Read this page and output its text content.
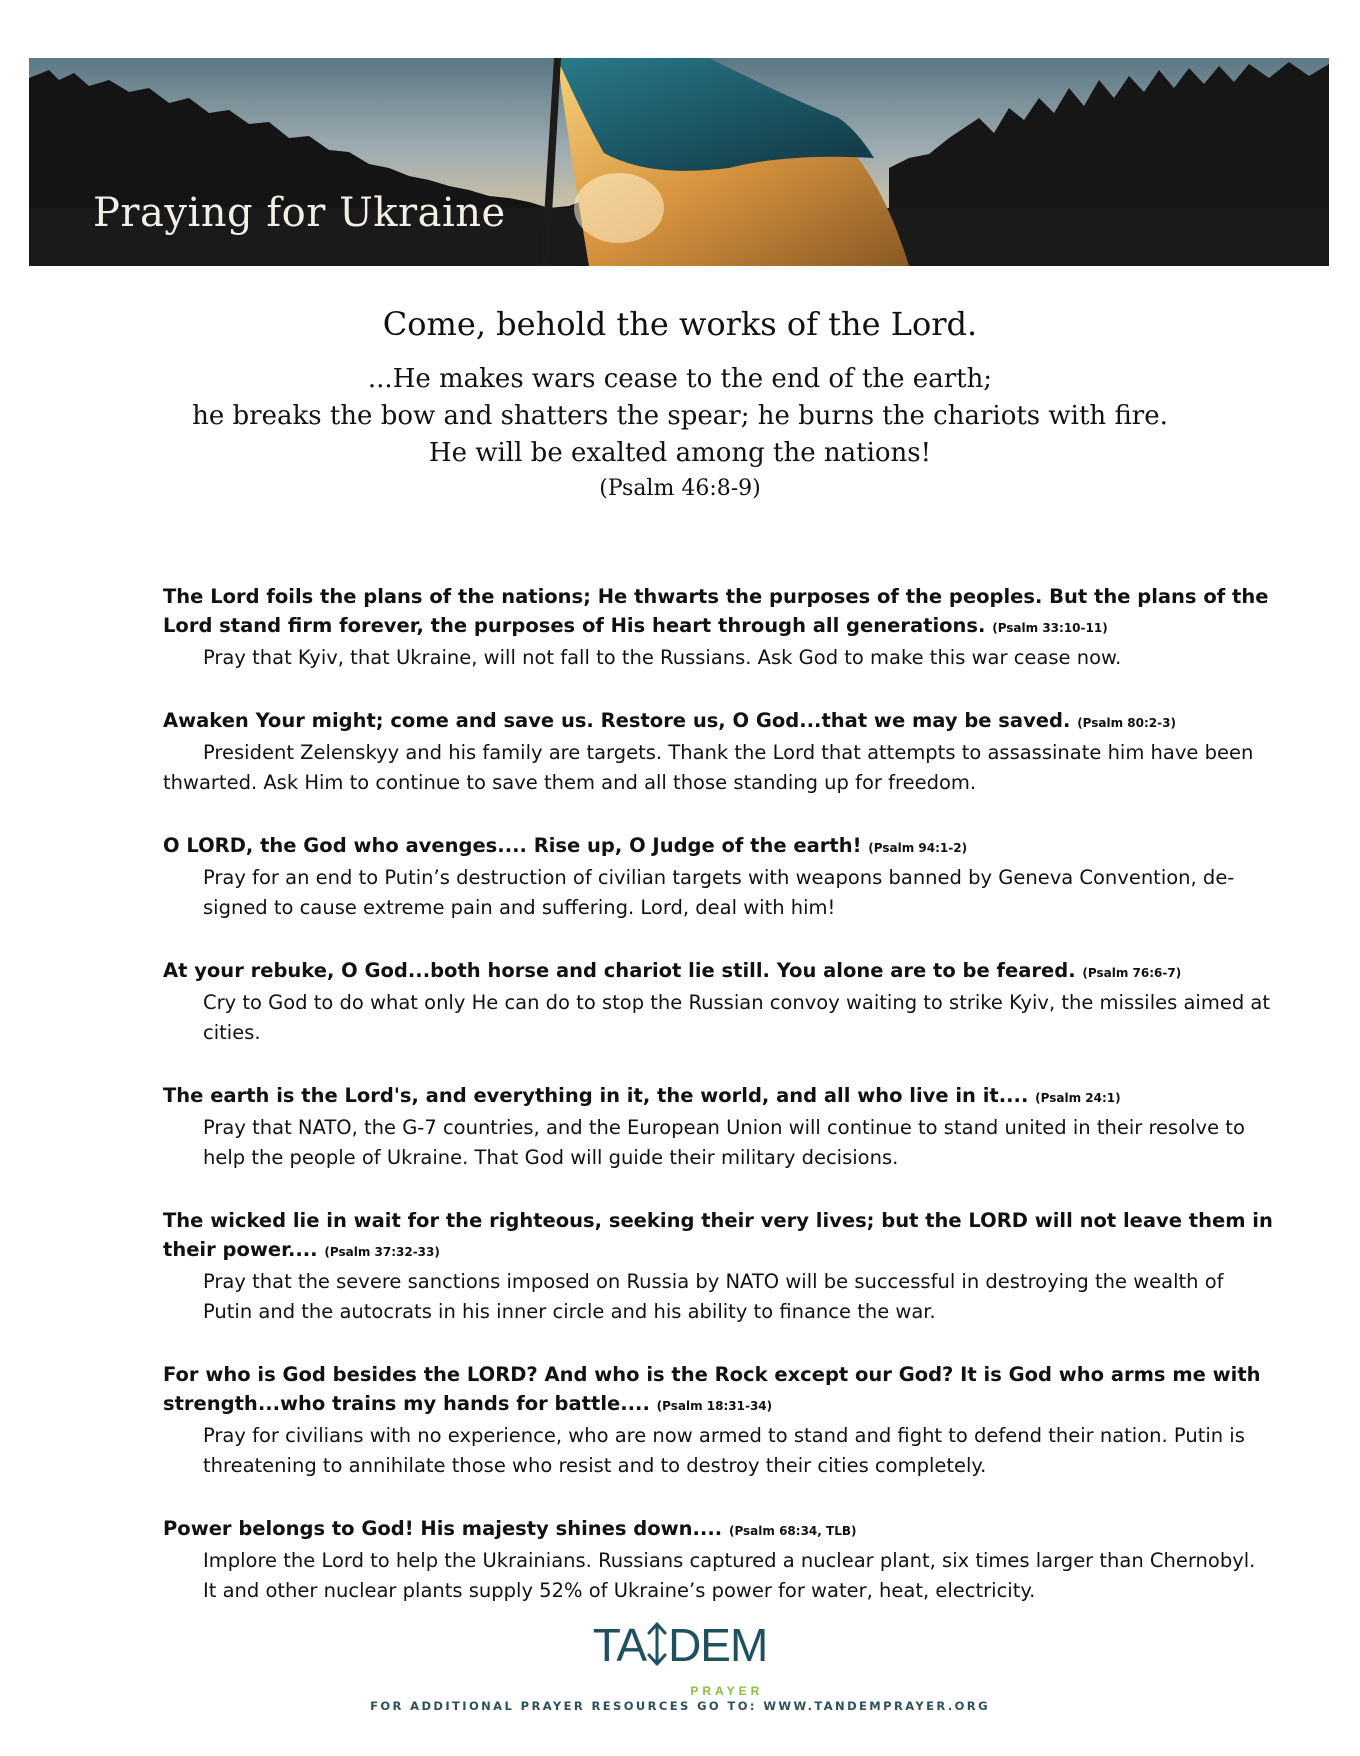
Praying for Ukraine
Come, behold the works of the Lord.
...He makes wars cease to the end of the earth;
he breaks the bow and shatters the spear; he burns the chariots with fire.
He will be exalted among the nations!
(Psalm 46:8-9)
The Lord foils the plans of the nations; He thwarts the purposes of the peoples. But the plans of the Lord stand firm forever, the purposes of His heart through all generations. (Psalm 33:10-11)
Pray that Kyiv, that Ukraine, will not fall to the Russians. Ask God to make this war cease now.
Awaken Your might; come and save us. Restore us, O God...that we may be saved. (Psalm 80:2-3)
President Zelenskyy and his family are targets. Thank the Lord that attempts to assassinate him have been thwarted. Ask Him to continue to save them and all those standing up for freedom.
O LORD, the God who avenges.... Rise up, O Judge of the earth! (Psalm 94:1-2)
Pray for an end to Putin’s destruction of civilian targets with weapons banned by Geneva Convention, de-signed to cause extreme pain and suffering. Lord, deal with him!
At your rebuke, O God...both horse and chariot lie still. You alone are to be feared. (Psalm 76:6-7)
Cry to God to do what only He can do to stop the Russian convoy waiting to strike Kyiv, the missiles aimed at cities.
The earth is the Lord's, and everything in it, the world, and all who live in it.... (Psalm 24:1)
Pray that NATO, the G-7 countries, and the European Union will continue to stand united in their resolve to help the people of Ukraine. That God will guide their military decisions.
The wicked lie in wait for the righteous, seeking their very lives; but the LORD will not leave them in their power.... (Psalm 37:32-33)
Pray that the severe sanctions imposed on Russia by NATO will be successful in destroying the wealth of Putin and the autocrats in his inner circle and his ability to finance the war.
For who is God besides the LORD? And who is the Rock except our God? It is God who arms me with strength...who trains my hands for battle.... (Psalm 18:31-34)
Pray for civilians with no experience, who are now armed to stand and fight to defend their nation. Putin is threatening to annihilate those who resist and to destroy their cities completely.
Power belongs to God! His majesty shines down.... (Psalm 68:34, TLB)
Implore the Lord to help the Ukrainians. Russians captured a nuclear plant, six times larger than Chernobyl. It and other nuclear plants supply 52% of Ukraine’s power for water, heat, electricity.
TA DEM
PRAYER
FOR ADDITIONAL PRAYER RESOURCES GO TO: WWW.TANDEMPRAYER.ORG
